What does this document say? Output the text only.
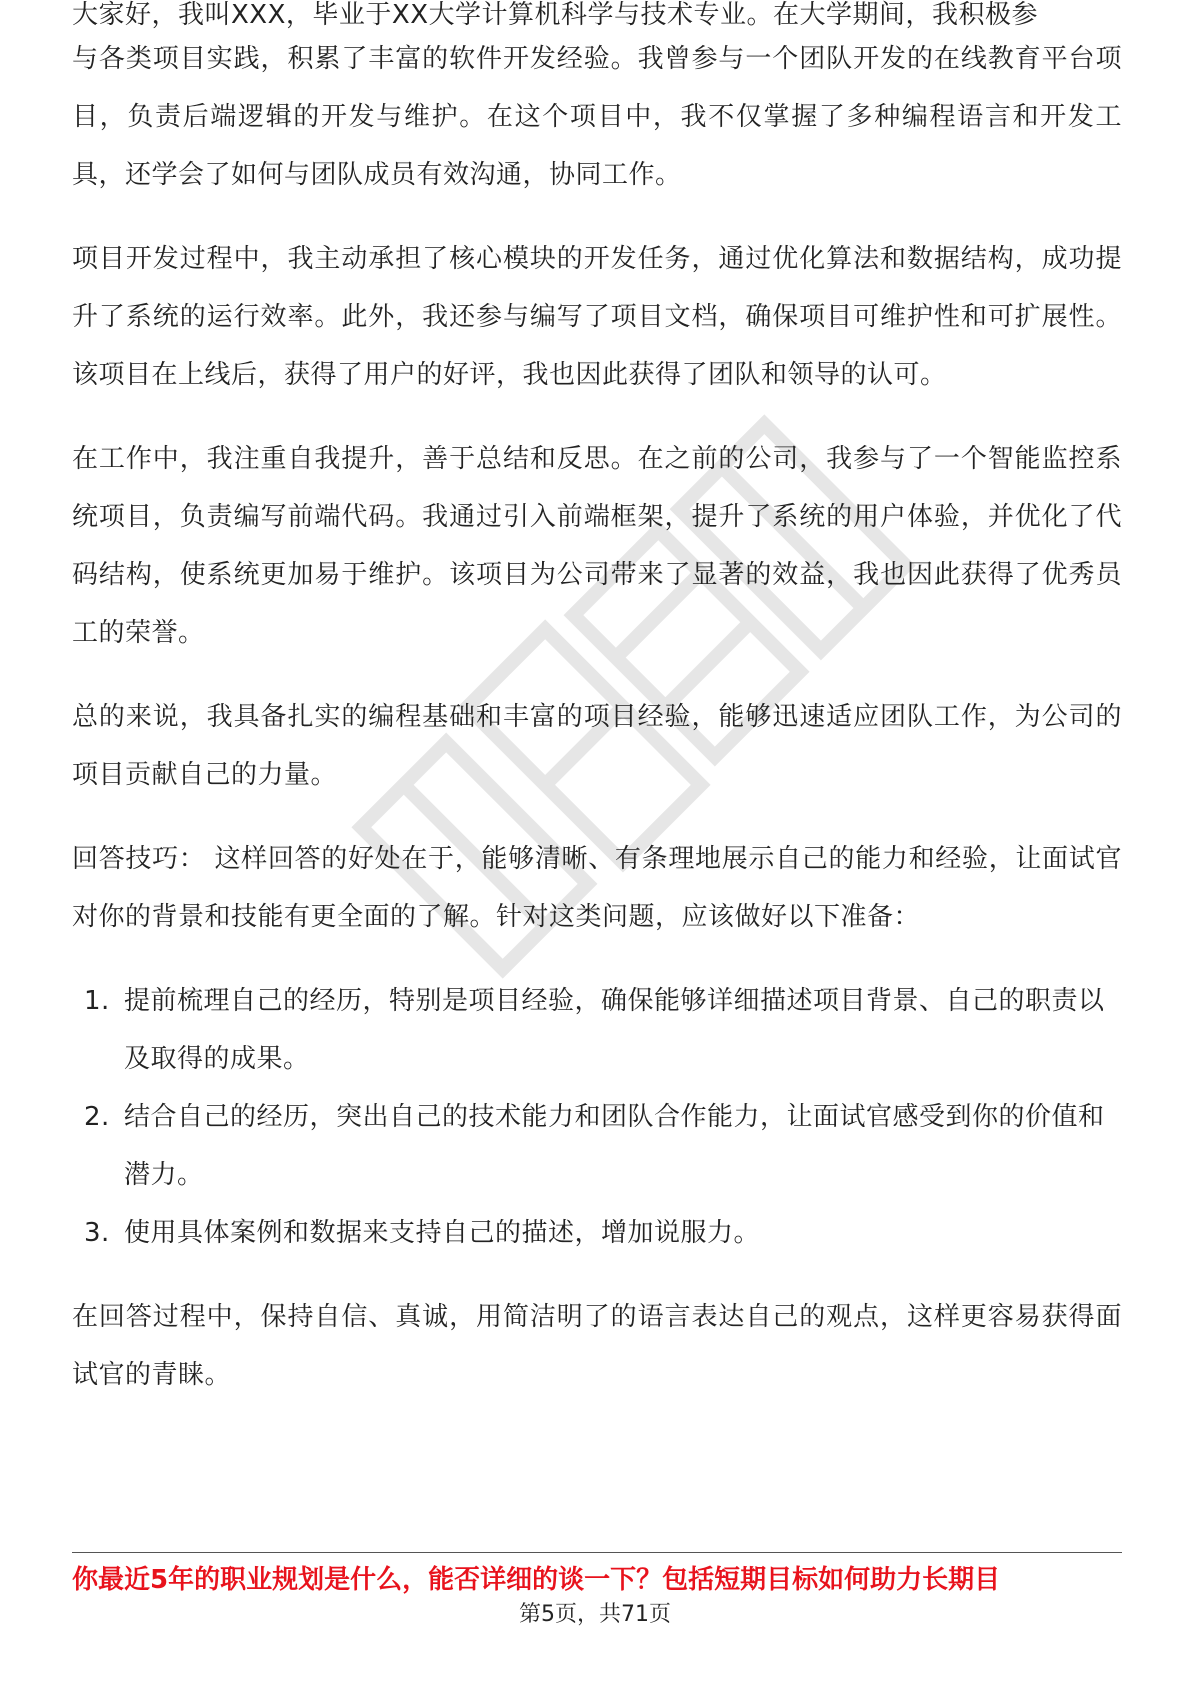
大家好，我叫XXX，毕业于XX大学计算机科学与技术专业。在大学期间，我积极参

与各类项目实践，积累了丰富的软件开发经验。我曾参与一个团队开发的在线教育平台项目，负责后端逻辑的开发与维护。在这个项目中，我不仅掌握了多种编程语言和开发工具，还学会了如何与团队成员有效沟通，协同工作。

项目开发过程中，我主动承担了核心模块的开发任务，通过优化算法和数据结构，成功提升了系统的运行效率。此外，我还参与编写了项目文档，确保项目可维护性和可扩展性。该项目在上线后，获得了用户的好评，我也因此获得了团队和领导的认可。

在工作中，我注重自我提升，善于总结和反思。在之前的公司，我参与了一个智能监控系统项目，负责编写前端代码。我通过引入前端框架，提升了系统的用户体验，并优化了代码结构，使系统更加易于维护。该项目为公司带来了显著的效益，我也因此获得了优秀员工的荣誉。

总的来说，我具备扎实的编程基础和丰富的项目经验，能够迅速适应团队工作，为公司的项目贡献自己的力量。

回答技巧： 这样回答的好处在于，能够清晰、有条理地展示自己的能力和经验，让面试官对你的背景和技能有更全面的了解。针对这类问题，应该做好以下准备：

1. 提前梳理自己的经历，特别是项目经验，确保能够详细描述项目背景、自己的职责以及取得的成果。
2. 结合自己的经历，突出自己的技术能力和团队合作能力，让面试官感受到你的价值和潜力。
3. 使用具体案例和数据来支持自己的描述，增加说服力。

在回答过程中，保持自信、真诚，用简洁明了的语言表达自己的观点，这样更容易获得面试官的青睐。

你最近5年的职业规划是什么，能否详细的谈一下？包括短期目标如何助力长期目
第5页，共71页
